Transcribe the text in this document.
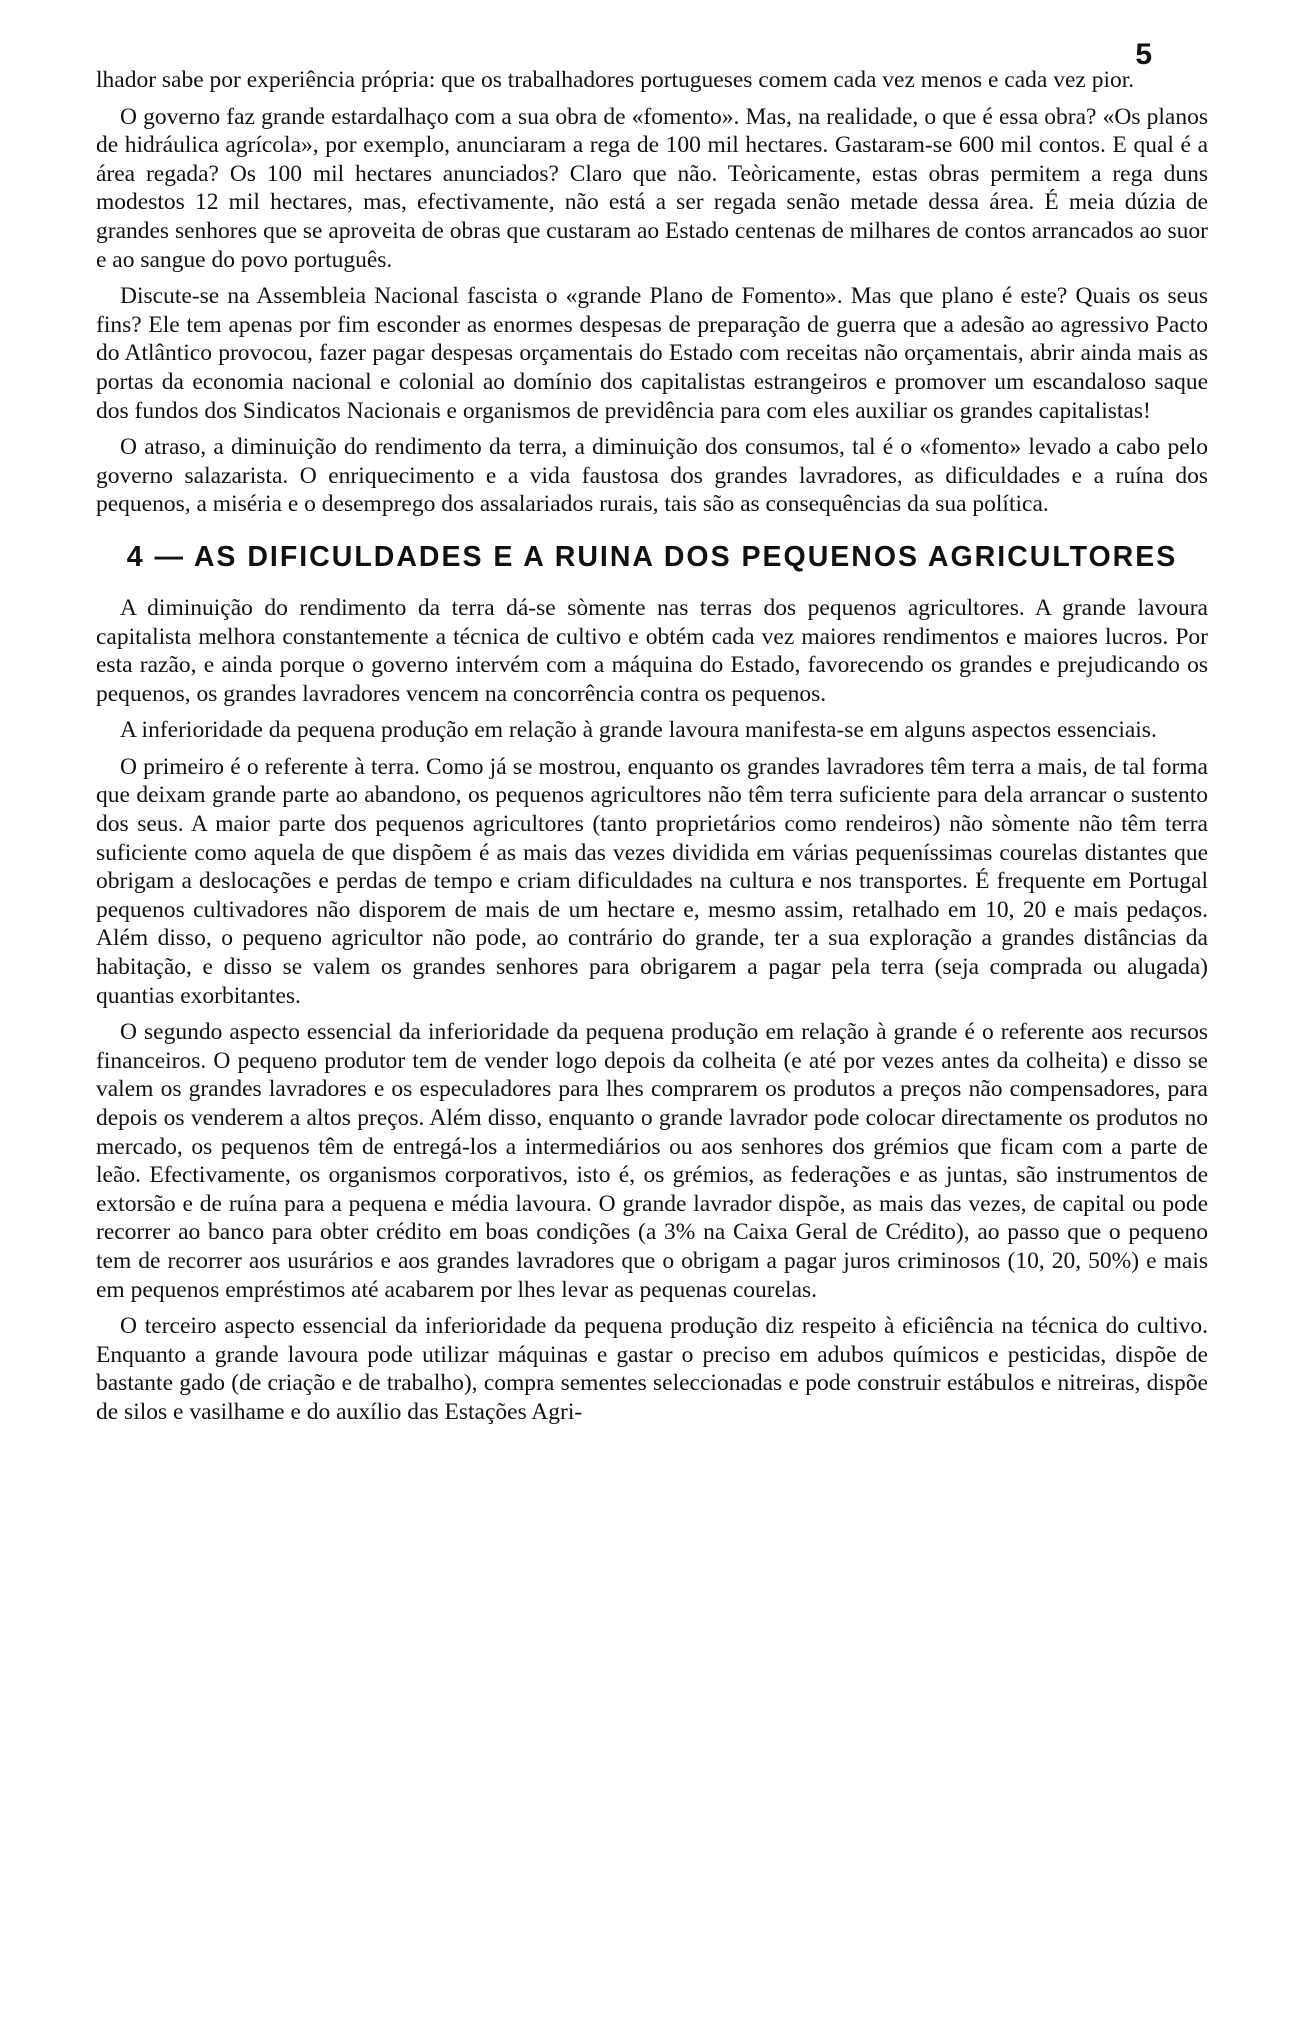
5

lhador sabe por experiência própria: que os trabalhadores portugueses comem cada vez menos e cada vez pior.

O governo faz grande estardalhaço com a sua obra de «fomento». Mas, na realidade, o que é essa obra? «Os planos de hidráulica agrícola», por exemplo, anunciaram a rega de 100 mil hectares. Gastaram-se 600 mil contos. E qual é a área regada? Os 100 mil hectares anunciados? Claro que não. Teòricamente, estas obras permitem a rega duns modestos 12 mil hectares, mas, efectivamente, não está a ser regada senão metade dessa área. É meia dúzia de grandes senhores que se aproveita de obras que custaram ao Estado centenas de milhares de contos arrancados ao suor e ao sangue do povo português.

Discute-se na Assembleia Nacional fascista o «grande Plano de Fomento». Mas que plano é este? Quais os seus fins? Ele tem apenas por fim esconder as enormes despesas de preparação de guerra que a adesão ao agressivo Pacto do Atlântico provocou, fazer pagar despesas orçamentais do Estado com receitas não orçamentais, abrir ainda mais as portas da economia nacional e colonial ao domínio dos capitalistas estrangeiros e promover um escandaloso saque dos fundos dos Sindicatos Nacionais e organismos de previdência para com eles auxiliar os grandes capitalistas!

O atraso, a diminuição do rendimento da terra, a diminuição dos consumos, tal é o «fomento» levado a cabo pelo governo salazarista. O enriquecimento e a vida faustosa dos grandes lavradores, as dificuldades e a ruína dos pequenos, a miséria e o desemprego dos assalariados rurais, tais são as consequências da sua política.

4 — AS DIFICULDADES E A RUINA DOS PEQUENOS AGRICULTORES

A diminuição do rendimento da terra dá-se sòmente nas terras dos pequenos agricultores. A grande lavoura capitalista melhora constantemente a técnica de cultivo e obtém cada vez maiores rendimentos e maiores lucros. Por esta razão, e ainda porque o governo intervém com a máquina do Estado, favorecendo os grandes e prejudicando os pequenos, os grandes lavradores vencem na concorrência contra os pequenos.

A inferioridade da pequena produção em relação à grande lavoura manifesta-se em alguns aspectos essenciais.

O primeiro é o referente à terra. Como já se mostrou, enquanto os grandes lavradores têm terra a mais, de tal forma que deixam grande parte ao abandono, os pequenos agricultores não têm terra suficiente para dela arrancar o sustento dos seus. A maior parte dos pequenos agricultores (tanto proprietários como rendeiros) não sòmente não têm terra suficiente como aquela de que dispõem é as mais das vezes dividida em várias pequeníssimas courelas distantes que obrigam a deslocações e perdas de tempo e criam dificuldades na cultura e nos transportes. É frequente em Portugal pequenos cultivadores não disporem de mais de um hectare e, mesmo assim, retalhado em 10, 20 e mais pedaços. Além disso, o pequeno agricultor não pode, ao contrário do grande, ter a sua exploração a grandes distâncias da habitação, e disso se valem os grandes senhores para obrigarem a pagar pela terra (seja comprada ou alugada) quantias exorbitantes.

O segundo aspecto essencial da inferioridade da pequena produção em relação à grande é o referente aos recursos financeiros. O pequeno produtor tem de vender logo depois da colheita (e até por vezes antes da colheita) e disso se valem os grandes lavradores e os especuladores para lhes comprarem os produtos a preços não compensadores, para depois os venderem a altos preços. Além disso, enquanto o grande lavrador pode colocar directamente os produtos no mercado, os pequenos têm de entregá-los a intermediários ou aos senhores dos grémios que ficam com a parte de leão. Efectivamente, os organismos corporativos, isto é, os grémios, as federações e as juntas, são instrumentos de extorsão e de ruína para a pequena e média lavoura. O grande lavrador dispõe, as mais das vezes, de capital ou pode recorrer ao banco para obter crédito em boas condições (a 3% na Caixa Geral de Crédito), ao passo que o pequeno tem de recorrer aos usurários e aos grandes lavradores que o obrigam a pagar juros criminosos (10, 20, 50%) e mais em pequenos empréstimos até acabarem por lhes levar as pequenas courelas.

O terceiro aspecto essencial da inferioridade da pequena produção diz respeito à eficiência na técnica do cultivo. Enquanto a grande lavoura pode utilizar máquinas e gastar o preciso em adubos químicos e pesticidas, dispõe de bastante gado (de criação e de trabalho), compra sementes seleccionadas e pode construir estábulos e nitreiras, dispõe de silos e vasilhame e do auxílio das Estações Agri-
